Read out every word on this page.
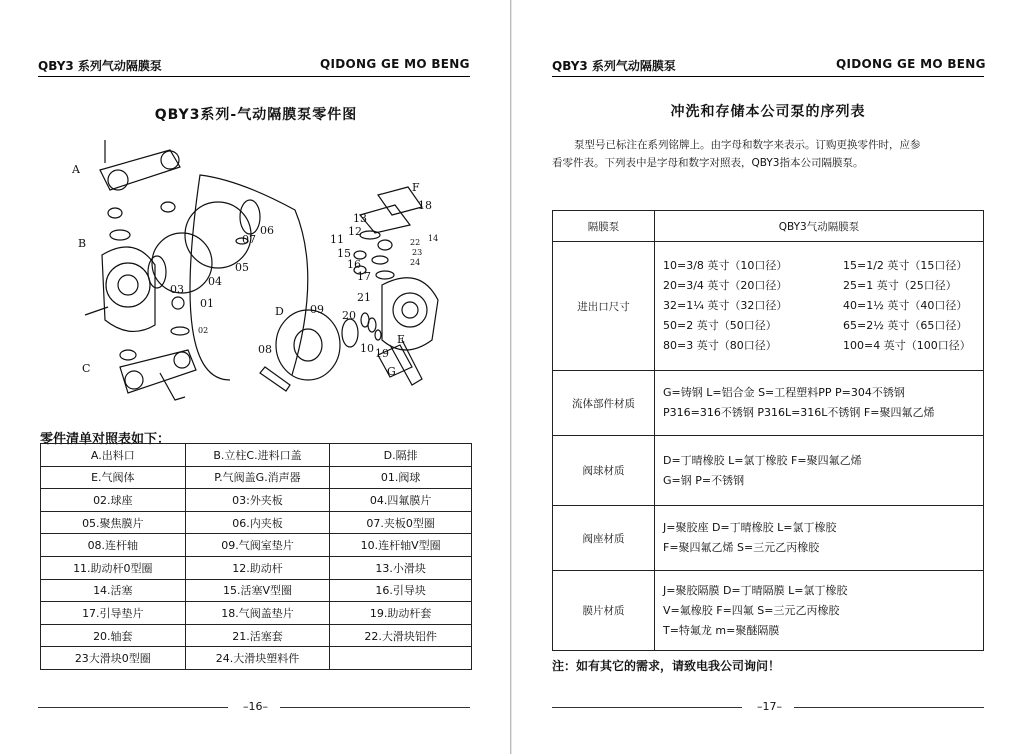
QBY3 系列气动隔膜泵	QIDONG GE MO BENG
QBY3系列-气动隔膜泵零件图
A
B
C
D
F
E
G
01
02
03
04
05
06
07
08
09
10
11
12
13
14
15
16
17
18
19
20
21
22
23
24
零件清单对照表如下：
A.出料口	B.立柱C.进料口盖	D.隔排
E.气阀体	P.气阀盖G.消声器	01.阀球
02.球座	03:外夹板	04.四氟膜片
05.聚焦膜片	06.内夹板	07.夹板0型圈
08.连杆轴	09.气阀室垫片	10.连杆轴V型圈
11.助动杆0型圈	12.助动杆	13.小滑块
14.活塞	15.活塞V型圈	16.引导块
17.引导垫片	18.气阀盖垫片	19.助动杆套
20.轴套	21.活塞套	22.大滑块铝件
23大滑块0型圈	24.大滑块塑料件	
–16–
QBY3 系列气动隔膜泵	QIDONG GE MO BENG
冲洗和存储本公司泵的序列表
泵型号已标注在系列铭牌上。由字母和数字来表示。订购更换零件时，应参
看零件表。下列表中是字母和数字对照表，QBY3指本公司隔膜泵。
隔膜泵	QBY3气动隔膜泵
进出口尺寸	10=3/8 英寸（10口径） 15=1/2 英寸（15口径）
20=3/4 英寸（20口径） 25=1 英寸（25口径）
32=1¼ 英寸（32口径） 40=1½ 英寸（40口径）
50=2 英寸（50口径） 65=2½ 英寸（65口径）
80=3 英寸（80口径） 100=4 英寸（100口径）

流体部件材质	G=铸钢 L=铝合金 S=工程塑料PP P=304不锈钢
P316=316不锈钢 P316L=316L不锈钢 F=聚四氟乙烯

阀球材质	D=丁晴橡胶 L=氯丁橡胶 F=聚四氟乙烯
G=钢 P=不锈钢

阀座材质	J=聚胶座 D=丁晴橡胶 L=氯丁橡胶
F=聚四氟乙烯 S=三元乙丙橡胶

膜片材质	J=聚胶隔膜 D=丁晴隔膜 L=氯丁橡胶
V=氟橡胶 F=四氟 S=三元乙丙橡胶
T=特氟龙 m=聚醚隔膜
注：如有其它的需求，请致电我公司询问！
–17–
